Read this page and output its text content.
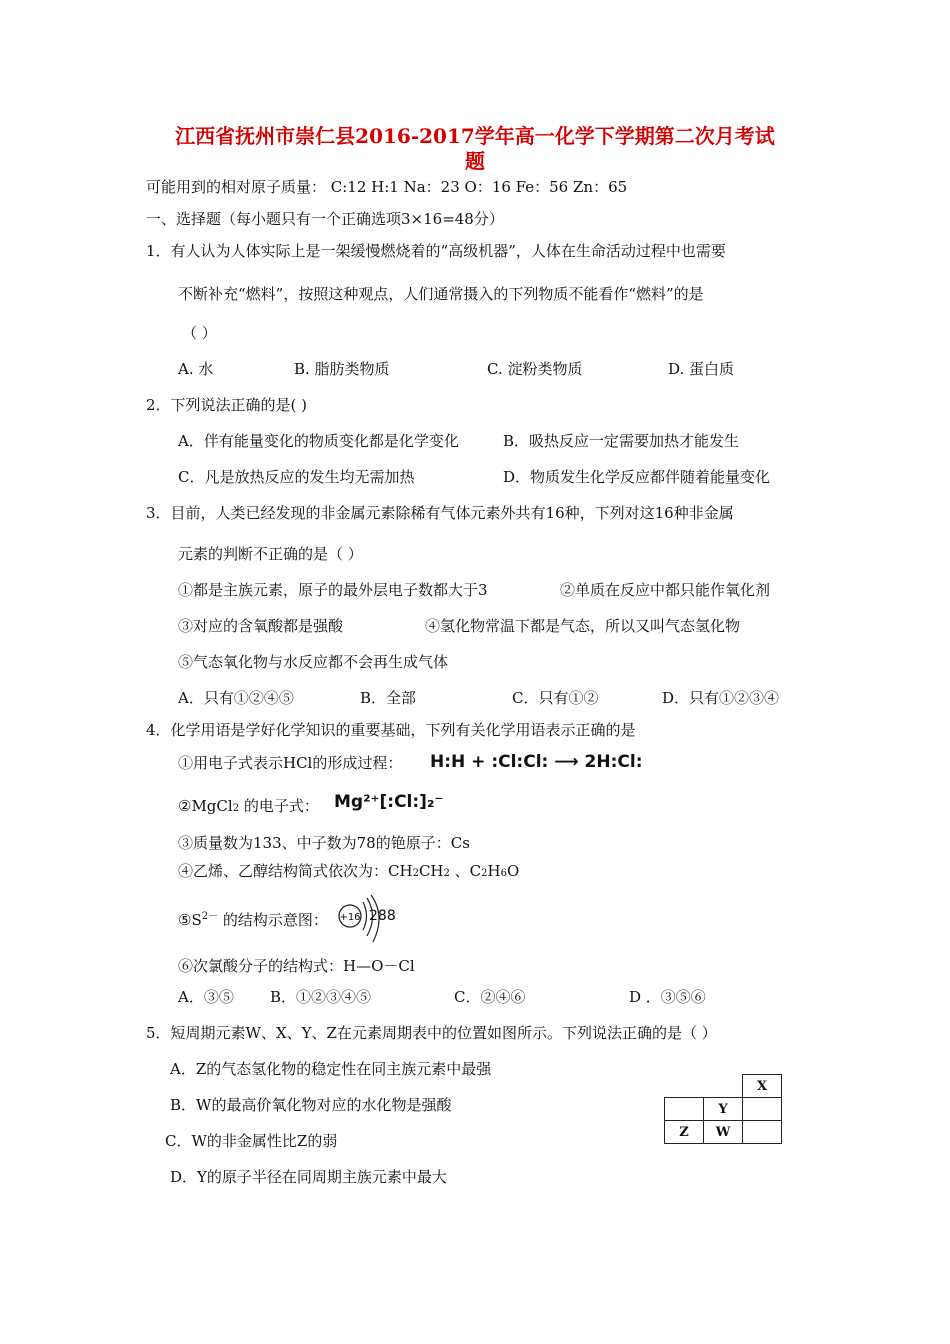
江西省抚州市崇仁县2016-2017学年高一化学下学期第二次月考试
题
可能用到的相对原子质量： C:12 H:1 Na：23 O：16 Fe：56 Zn：65
一、选择题（每小题只有一个正确选项3×16=48分）
1．有人认为人体实际上是一架缓慢燃烧着的“高级机器”，人体在生命活动过程中也需要
不断补充“燃料”，按照这种观点，人们通常摄入的下列物质不能看作“燃料”的是
（ ）
A. 水	B. 脂肪类物质	C. 淀粉类物质	D. 蛋白质
2．下列说法正确的是( )
A．伴有能量变化的物质变化都是化学变化	B．吸热反应一定需要加热才能发生
C．凡是放热反应的发生均无需加热	D．物质发生化学反应都伴随着能量变化
3．目前，人类已经发现的非金属元素除稀有气体元素外共有16种，下列对这16种非金属
元素的判断不正确的是（ ）
①都是主族元素，原子的最外层电子数都大于3	②单质在反应中都只能作氧化剂
③对应的含氧酸都是强酸	④氢化物常温下都是气态，所以又叫气态氢化物
⑤气态氧化物与水反应都不会再生成气体
A．只有①②④⑤	B．全部	C．只有①②	D．只有①②③④
4．化学用语是学好化学知识的重要基础，下列有关化学用语表示正确的是
①用电子式表示HCl的形成过程： H:H + :Cl:Cl: ⟶ 2H:Cl:
②MgCl2 的电子式： Mg²⁺[:Cl:]₂⁻
③质量数为133、中子数为78的铯原子：Cs
④乙烯、乙醇结构简式依次为：CH2CH2 、C2H6O
$⑤S^{2-}$ 的结构示意图： +16 288
⑥次氯酸分子的结构式：H—O－Cl
A．③⑤ B．①②③④⑤	C．②④⑥	D ．③⑤⑥
5．短周期元素W、X、Y、Z在元素周期表中的位置如图所示。下列说法正确的是（ ）
A．Z的气态氢化物的稳定性在同主族元素中最强
B．W的最高价氧化物对应的水化物是强酸
C．W的非金属性比Z的弱
D．Y的原子半径在同周期主族元素中最大
		X
	Y	
Z	W	
